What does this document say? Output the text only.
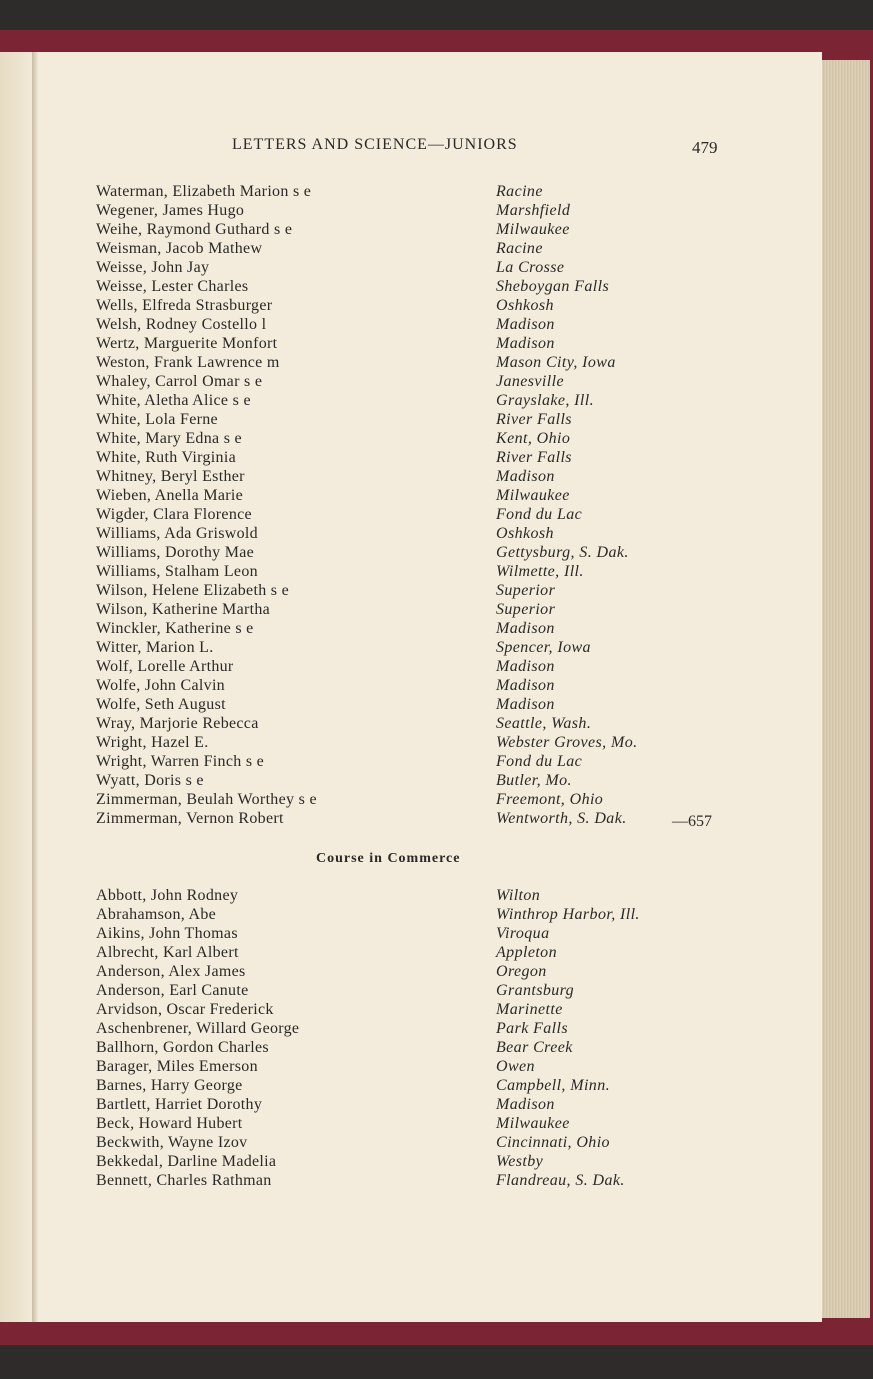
LETTERS AND SCIENCE—JUNIORS	479
Waterman, Elizabeth Marion s e	Racine
Wegener, James Hugo	Marshfield
Weihe, Raymond Guthard s e	Milwaukee
Weisman, Jacob Mathew	Racine
Weisse, John Jay	La Crosse
Weisse, Lester Charles	Sheboygan Falls
Wells, Elfreda Strasburger	Oshkosh
Welsh, Rodney Costello l	Madison
Wertz, Marguerite Monfort	Madison
Weston, Frank Lawrence m	Mason City, Iowa
Whaley, Carrol Omar s e	Janesville
White, Aletha Alice s e	Grayslake, Ill.
White, Lola Ferne	River Falls
White, Mary Edna s e	Kent, Ohio
White, Ruth Virginia	River Falls
Whitney, Beryl Esther	Madison
Wieben, Anella Marie	Milwaukee
Wigder, Clara Florence	Fond du Lac
Williams, Ada Griswold	Oshkosh
Williams, Dorothy Mae	Gettysburg, S. Dak.
Williams, Stalham Leon	Wilmette, Ill.
Wilson, Helene Elizabeth s e	Superior
Wilson, Katherine Martha	Superior
Winckler, Katherine s e	Madison
Witter, Marion L.	Spencer, Iowa
Wolf, Lorelle Arthur	Madison
Wolfe, John Calvin	Madison
Wolfe, Seth August	Madison
Wray, Marjorie Rebecca	Seattle, Wash.
Wright, Hazel E.	Webster Groves, Mo.
Wright, Warren Finch s e	Fond du Lac
Wyatt, Doris s e	Butler, Mo.
Zimmerman, Beulah Worthey s e	Freemont, Ohio
Zimmerman, Vernon Robert	Wentworth, S. Dak.	—657
Course in Commerce
Abbott, John Rodney	Wilton
Abrahamson, Abe	Winthrop Harbor, Ill.
Aikins, John Thomas	Viroqua
Albrecht, Karl Albert	Appleton
Anderson, Alex James	Oregon
Anderson, Earl Canute	Grantsburg
Arvidson, Oscar Frederick	Marinette
Aschenbrener, Willard George	Park Falls
Ballhorn, Gordon Charles	Bear Creek
Barager, Miles Emerson	Owen
Barnes, Harry George	Campbell, Minn.
Bartlett, Harriet Dorothy	Madison
Beck, Howard Hubert	Milwaukee
Beckwith, Wayne Izov	Cincinnati, Ohio
Bekkedal, Darline Madelia	Westby
Bennett, Charles Rathman	Flandreau, S. Dak.
